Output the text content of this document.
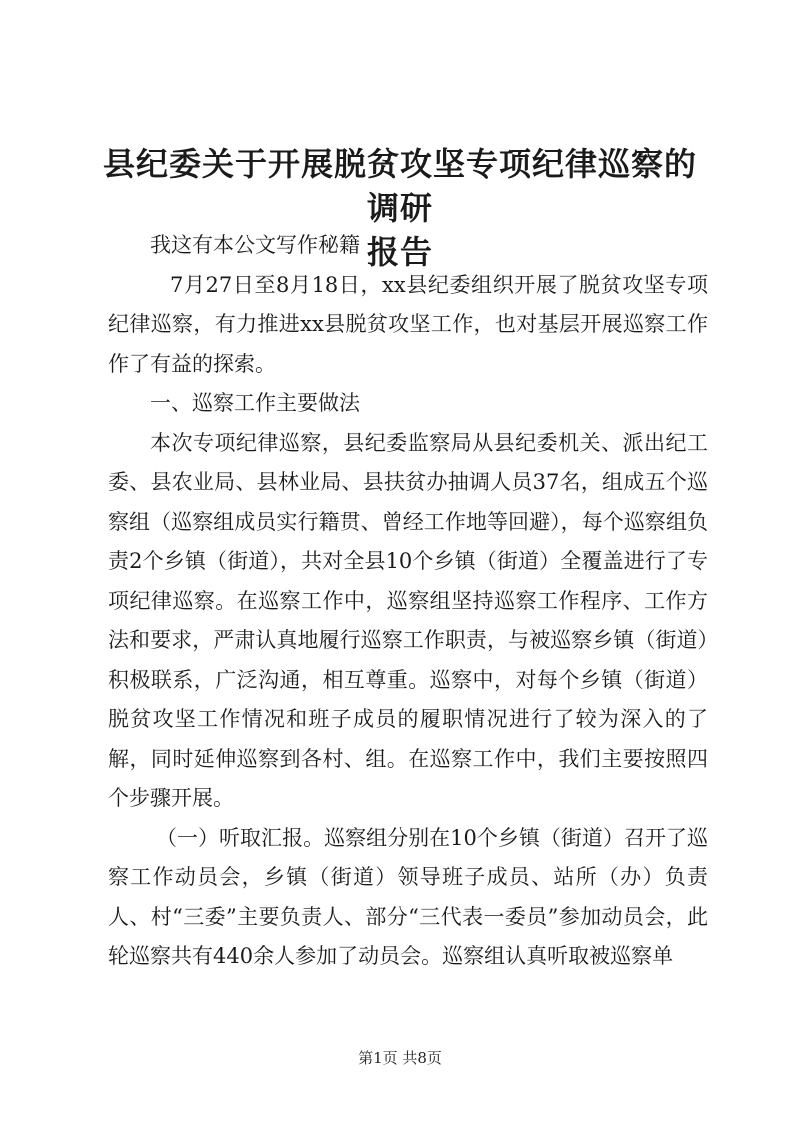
县纪委关于开展脱贫攻坚专项纪律巡察的调研
报告

我这有本公文写作秘籍

7月27日至8月18日，xx县纪委组织开展了脱贫攻坚专项纪律巡察，有力推进xx县脱贫攻坚工作，也对基层开展巡察工作作了有益的探索。

一、巡察工作主要做法

本次专项纪律巡察，县纪委监察局从县纪委机关、派出纪工委、县农业局、县林业局、县扶贫办抽调人员37名，组成五个巡察组（巡察组成员实行籍贯、曾经工作地等回避），每个巡察组负责2个乡镇（街道），共对全县10个乡镇（街道）全覆盖进行了专项纪律巡察。在巡察工作中，巡察组坚持巡察工作程序、工作方法和要求，严肃认真地履行巡察工作职责，与被巡察乡镇（街道）积极联系，广泛沟通，相互尊重。巡察中，对每个乡镇（街道）脱贫攻坚工作情况和班子成员的履职情况进行了较为深入的了解，同时延伸巡察到各村、组。在巡察工作中，我们主要按照四个步骤开展。

（一）听取汇报。巡察组分别在10个乡镇（街道）召开了巡察工作动员会，乡镇（街道）领导班子成员、站所（办）负责人、村“三委”主要负责人、部分“三代表一委员”参加动员会，此轮巡察共有440余人参加了动员会。巡察组认真听取被巡察单

第1页 共8页
